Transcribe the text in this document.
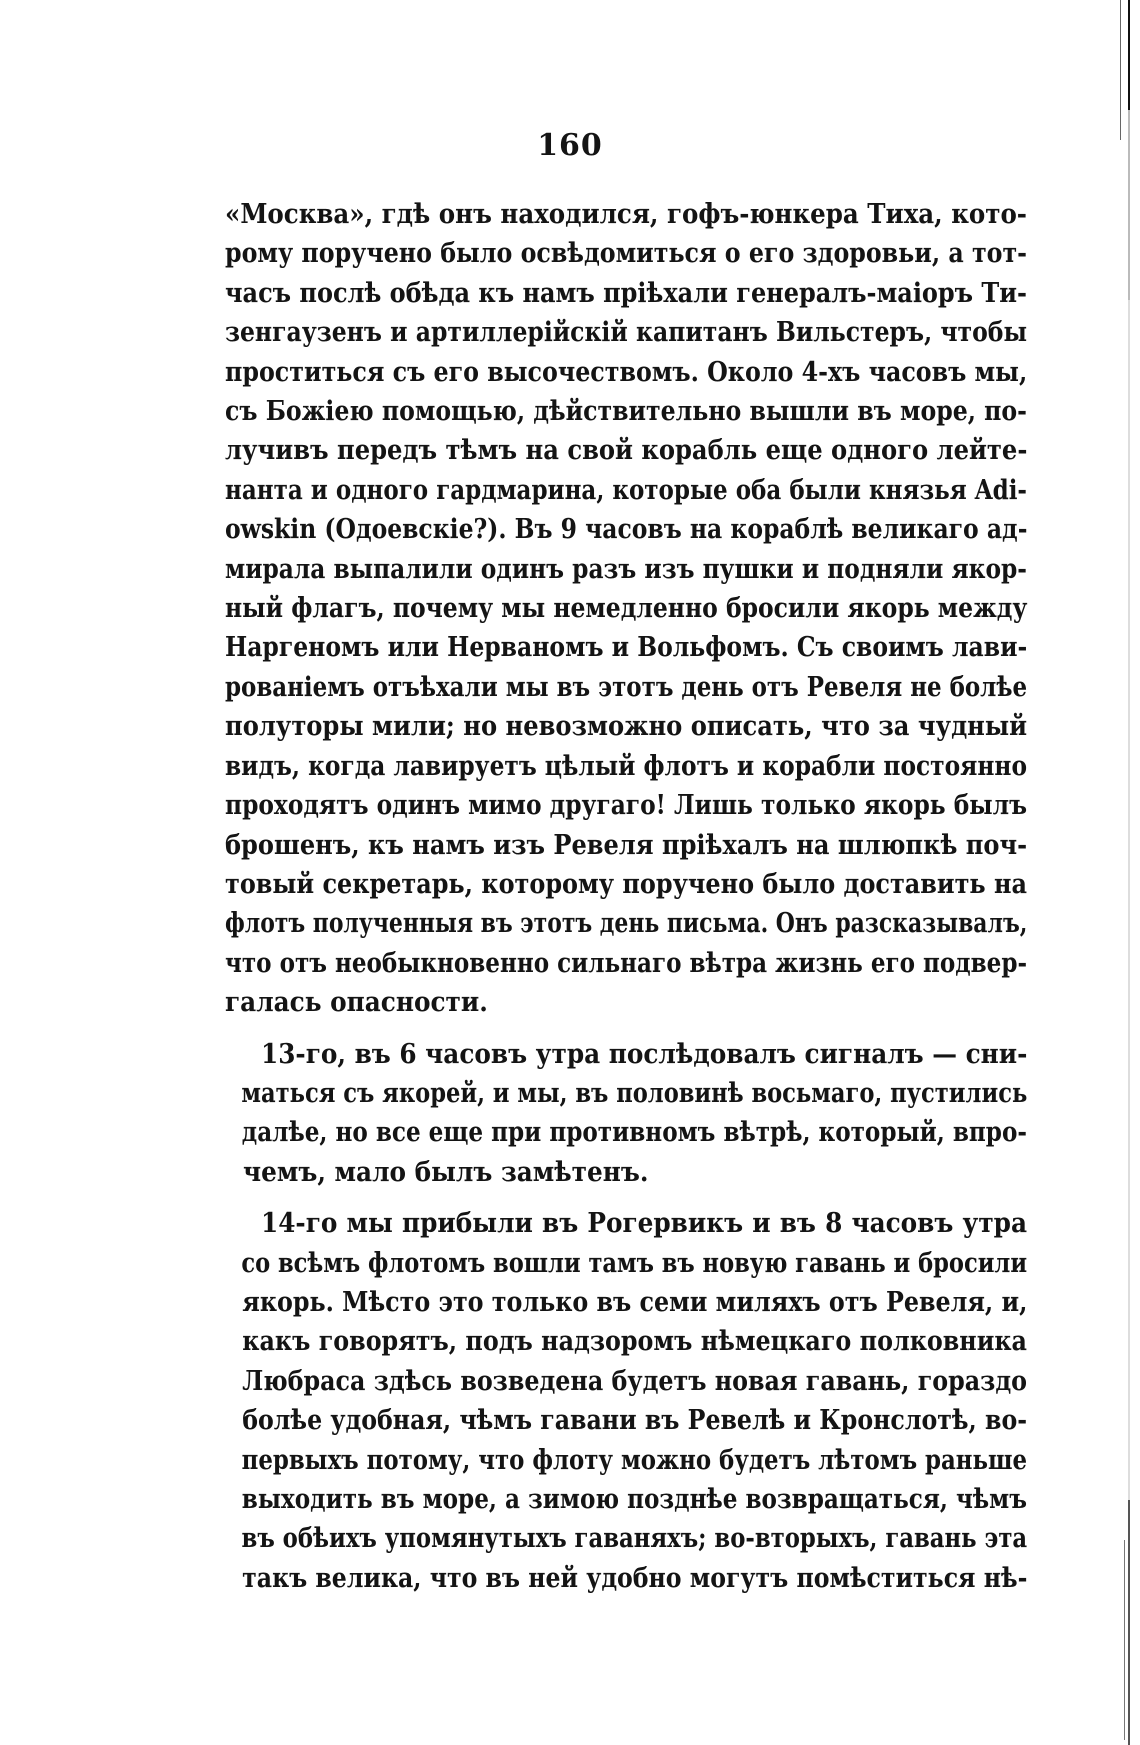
160

«Москва», гдѣ онъ находился, гофъ-юнкера Тиха, кото-
рому поручено было освѣдомиться о его здоровьи, а тот-
часъ послѣ обѣда къ намъ прiѣхали генералъ-маiоръ Ти-
зенгаузенъ и артиллерiйскiй капитанъ Вильстеръ, чтобы
проститься съ его высочествомъ. Около 4-хъ часовъ мы,
съ Божiею помощью, дѣйствительно вышли въ море, по-
лучивъ передъ тѣмъ на свой корабль еще одного лейте-
нанта и одного гардмарина, которые оба были князья Adi-
owskin (Одоевскiе?). Въ 9 часовъ на кораблѣ великаго ад-
мирала выпалили одинъ разъ изъ пушки и подняли якор-
ный флагъ, почему мы немедленно бросили якорь между
Наргеномъ или Нерваномъ и Вольфомъ. Съ своимъ лави-
рованiемъ отъѣхали мы въ этотъ день отъ Ревеля не болѣе
полуторы мили; но невозможно описать, что за чудный
видъ, когда лавируетъ цѣлый флотъ и корабли постоянно
проходятъ одинъ мимо другаго! Лишь только якорь былъ
брошенъ, къ намъ изъ Ревеля прiѣхалъ на шлюпкѣ поч-
товый секретарь, которому поручено было доставить на
флотъ полученныя въ этотъ день письма. Онъ разсказывалъ,
что отъ необыкновенно сильнаго вѣтра жизнь его подвер-
галась опасности.

13-го, въ 6 часовъ утра послѣдовалъ сигналъ — сни-
маться съ якорей, и мы, въ половинѣ восьмаго, пустились
далѣе, но все еще при противномъ вѣтрѣ, который, впро-
чемъ, мало былъ замѣтенъ.

14-го мы прибыли въ Рогервикъ и въ 8 часовъ утра
со всѣмъ флотомъ вошли тамъ въ новую гавань и бросили
якорь. Мѣсто это только въ семи миляхъ отъ Ревеля, и,
какъ говорятъ, подъ надзоромъ нѣмецкаго полковника
Любраса здѣсь возведена будетъ новая гавань, гораздо
болѣе удобная, чѣмъ гавани въ Ревелѣ и Кронслотѣ, во-
первыхъ потому, что флоту можно будетъ лѣтомъ раньше
выходить въ море, а зимою позднѣе возвращаться, чѣмъ
въ обѣихъ упомянутыхъ гаваняхъ; во-вторыхъ, гавань эта
такъ велика, что въ ней удобно могутъ помѣститься нѣ-
